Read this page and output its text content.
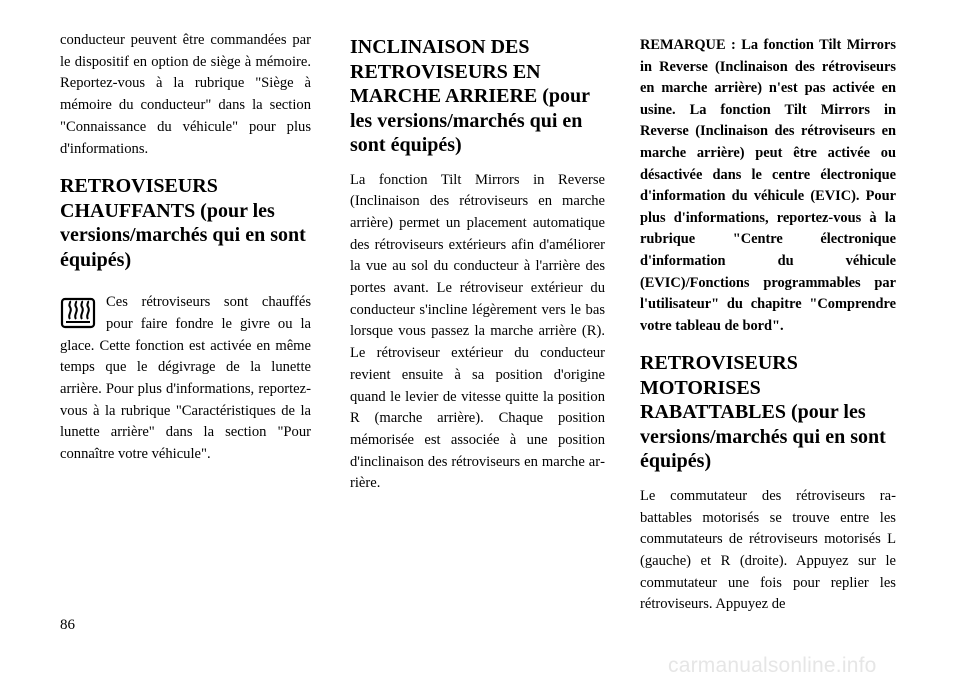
conducteur peuvent être commandées par le dispositif en option de siège à mémoire. Reportez-vous à la rubrique "Siège à mémoire du conducteur" dans la section "Connaissance du véhicule" pour plus d'informations.

RETROVISEURS CHAUFFANTS (pour les versions/marchés qui en sont équipés)

Ces rétroviseurs sont chauffés pour faire fondre le givre ou la glace. Cette fonction est activée en même temps que le dégivrage de la lunette arrière. Pour plus d'informations, reportez-vous à la rubrique "Caractéristiques de la lunette arrière" dans la section "Pour connaître votre véhicule".

INCLINAISON DES RETROVISEURS EN MARCHE ARRIERE (pour les versions/marchés qui en sont équipés)

La fonction Tilt Mirrors in Reverse (Inclinaison des rétroviseurs en marche arrière) permet un placement automatique des rétroviseurs extérieurs afin d'améliorer la vue au sol du conducteur à l'arrière des portes avant. Le rétroviseur extérieur du conducteur s'incline légèrement vers le bas lorsque vous passez la marche arrière (R). Le rétroviseur extérieur du conducteur revient ensuite à sa position d'origine quand le levier de vitesse quitte la position R (marche arrière). Chaque position mémorisée est associée à une position d'inclinaison des rétroviseurs en marche arrière.

REMARQUE : La fonction Tilt Mirrors in Reverse (Inclinaison des rétroviseurs en marche arrière) n'est pas activée en usine. La fonction Tilt Mirrors in Reverse (Inclinaison des rétroviseurs en marche arrière) peut être activée ou désactivée dans le centre électronique d'information du véhicule (EVIC). Pour plus d'informations, reportez-vous à la rubrique "Centre électronique d'information du véhicule (EVIC)/Fonctions programmables par l'utilisateur" du chapitre "Comprendre votre tableau de bord".

RETROVISEURS MOTORISES RABATTABLES (pour les versions/marchés qui en sont équipés)

Le commutateur des rétroviseurs rabattables motorisés se trouve entre les commutateurs de rétroviseurs motorisés L (gauche) et R (droite). Appuyez sur le commutateur une fois pour replier les rétroviseurs. Appuyez de

86
carmanualsonline.info
